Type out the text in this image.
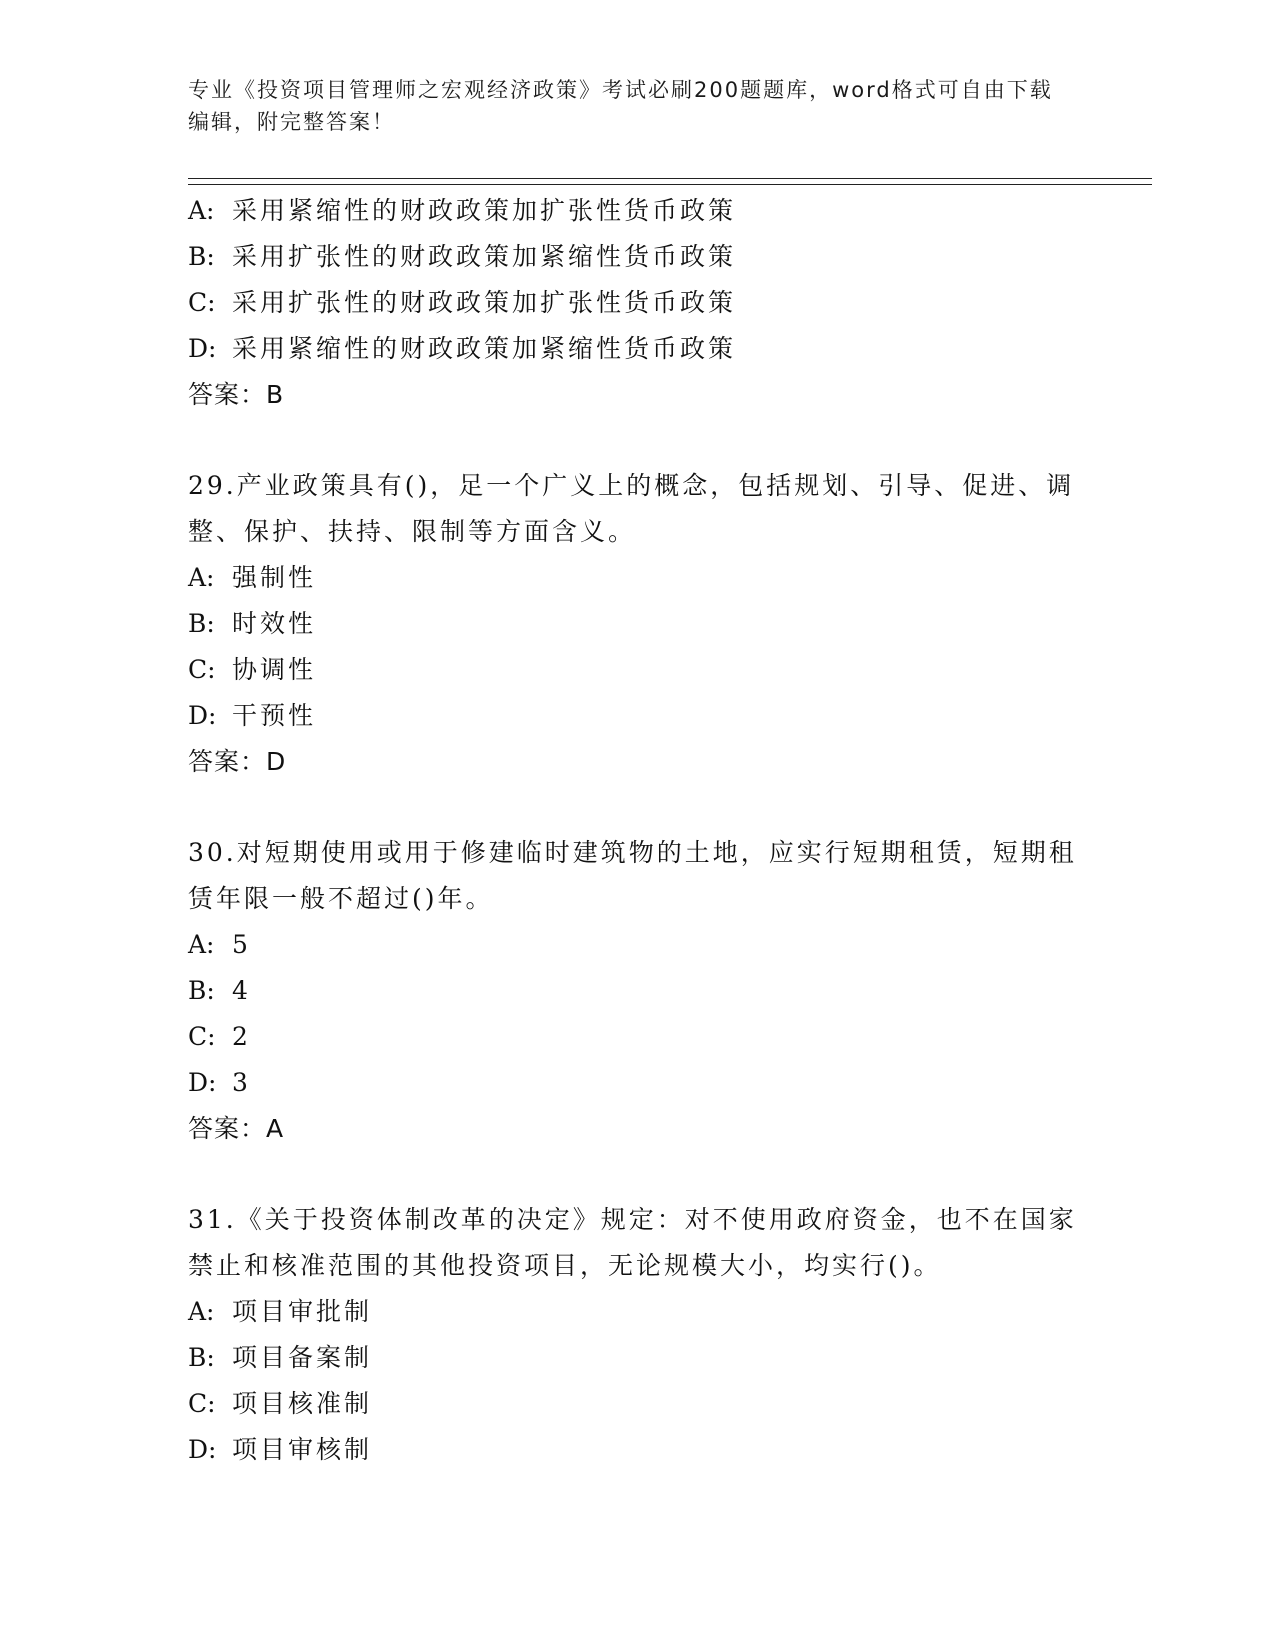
专业《投资项目管理师之宏观经济政策》考试必刷200题题库，word格式可自由下载编辑，附完整答案！
A: 采用紧缩性的财政政策加扩张性货币政策
B: 采用扩张性的财政政策加紧缩性货币政策
C: 采用扩张性的财政政策加扩张性货币政策
D: 采用紧缩性的财政政策加紧缩性货币政策
答案：B
29.产业政策具有()，足一个广义上的概念，包括规划、引导、促进、调整、保护、扶持、限制等方面含义。
A: 强制性
B: 时效性
C: 协调性
D: 干预性
答案：D
30.对短期使用或用于修建临时建筑物的土地，应实行短期租赁，短期租赁年限一般不超过()年。
A: 5
B: 4
C: 2
D: 3
答案：A
31.《关于投资体制改革的决定》规定：对不使用政府资金，也不在国家禁止和核准范围的其他投资项目，无论规模大小，均实行()。
A: 项目审批制
B: 项目备案制
C: 项目核准制
D: 项目审核制
